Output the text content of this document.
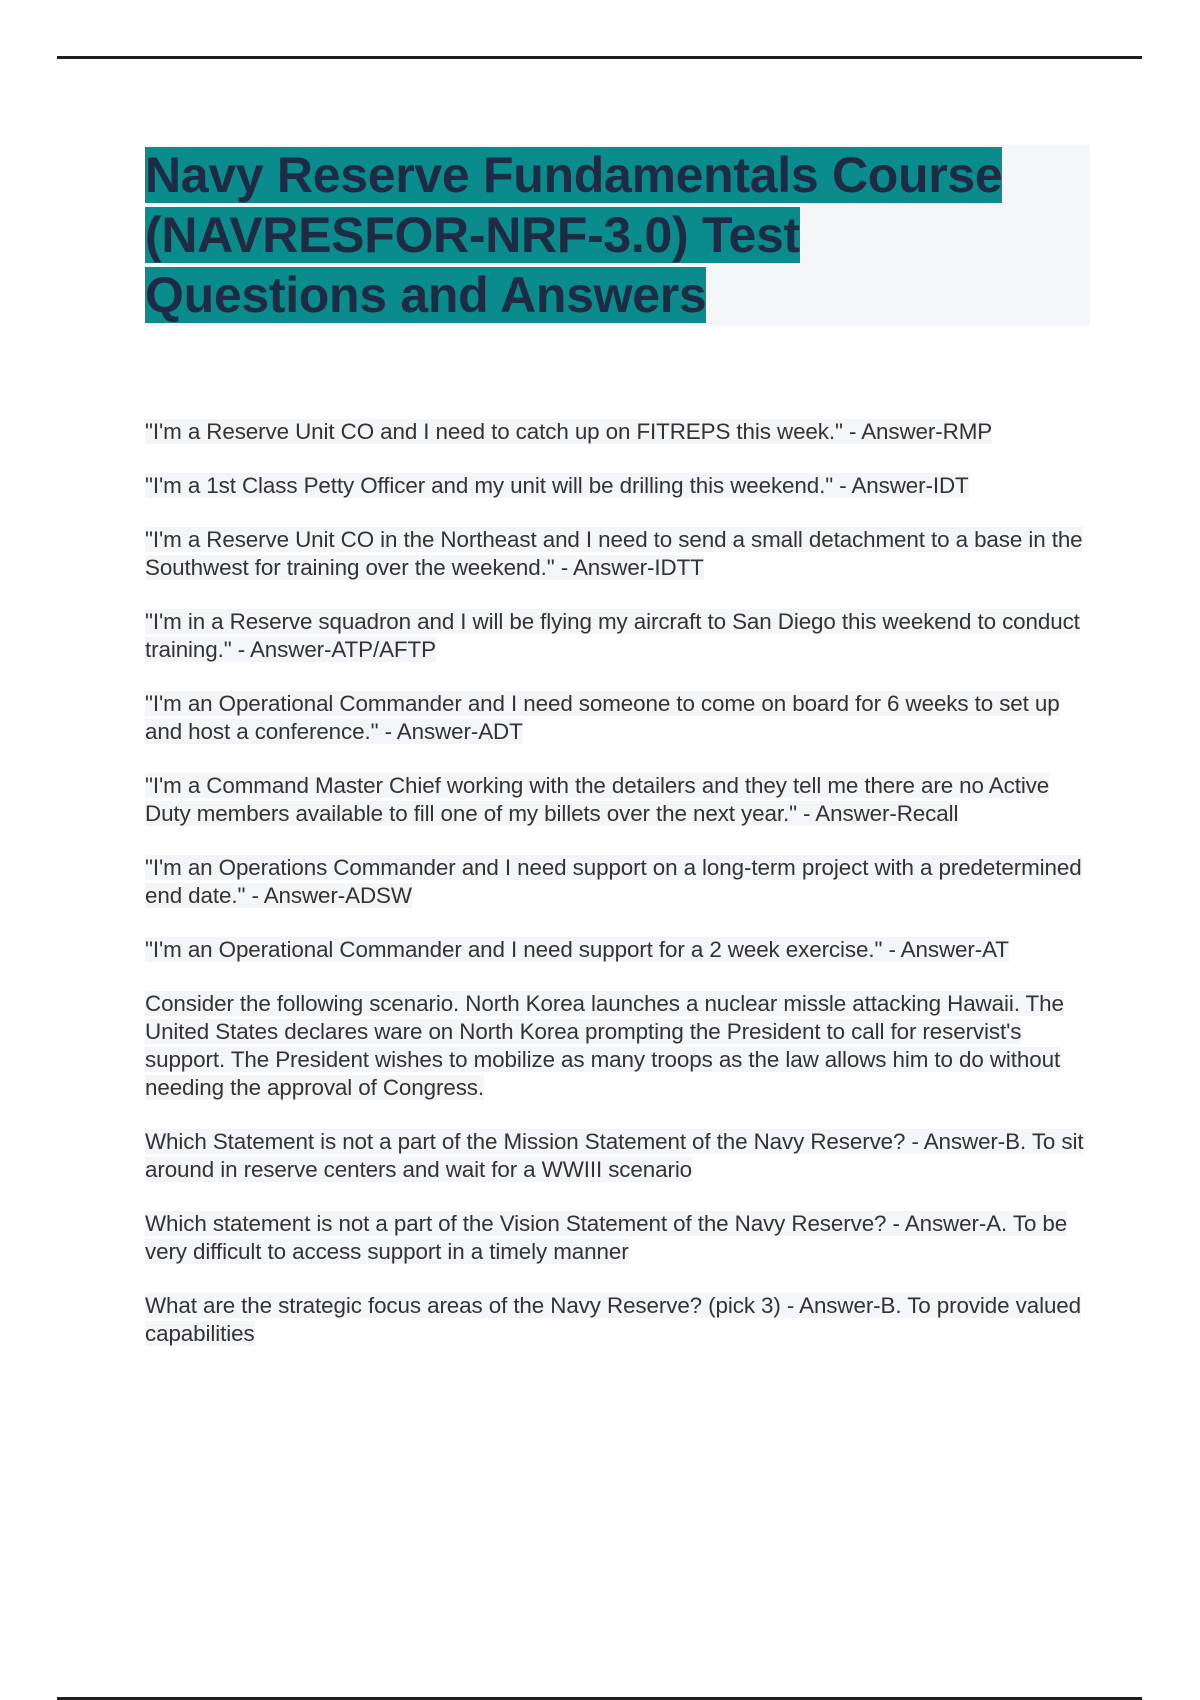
Navy Reserve Fundamentals Course
(NAVRESFOR-NRF-3.0) Test
Questions and Answers

"I'm a Reserve Unit CO and I need to catch up on FITREPS this week." - Answer-RMP

"I'm a 1st Class Petty Officer and my unit will be drilling this weekend." - Answer-IDT

"I'm a Reserve Unit CO in the Northeast and I need to send a small detachment to a base in the Southwest for training over the weekend." - Answer-IDTT

"I'm in a Reserve squadron and I will be flying my aircraft to San Diego this weekend to conduct training." - Answer-ATP/AFTP

"I'm an Operational Commander and I need someone to come on board for 6 weeks to set up and host a conference." - Answer-ADT

"I'm a Command Master Chief working with the detailers and they tell me there are no Active Duty members available to fill one of my billets over the next year." - Answer-Recall

"I'm an Operations Commander and I need support on a long-term project with a predetermined end date." - Answer-ADSW

"I'm an Operational Commander and I need support for a 2 week exercise." - Answer-AT

Consider the following scenario. North Korea launches a nuclear missle attacking Hawaii. The United States declares ware on North Korea prompting the President to call for reservist's support. The President wishes to mobilize as many troops as the law allows him to do without needing the approval of Congress.

Which Statement is not a part of the Mission Statement of the Navy Reserve? - Answer-B. To sit around in reserve centers and wait for a WWIII scenario

Which statement is not a part of the Vision Statement of the Navy Reserve? - Answer-A. To be very difficult to access support in a timely manner

What are the strategic focus areas of the Navy Reserve? (pick 3) - Answer-B. To provide valued capabilities
